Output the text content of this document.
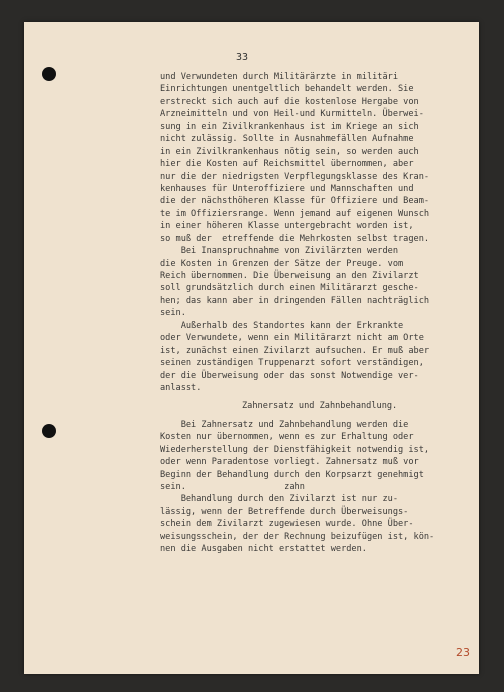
33
23
und Verwundeten durch Militärärzte in militäri
Einrichtungen unentgeltlich behandelt werden. Sie
erstreckt sich auch auf die kostenlose Hergabe von
Arzneimitteln und von Heil-und Kurmitteln. Überwei-
sung in ein Zivilkrankenhaus ist im Kriege an sich
nicht zulässig. Sollte in Ausnahmefällen Aufnahme
in ein Zivilkrankenhaus nötig sein, so werden auch
hier die Kosten auf Reichsmittel übernommen, aber
nur die der niedrigsten Verpflegungsklasse des Kran-
kenhauses für Unteroffiziere und Mannschaften und
die der nächsthöheren Klasse für Offiziere und Beam-
te im Offiziersrange. Wenn jemand auf eigenen Wunsch
in einer höheren Klasse untergebracht worden ist,
so muß der  etreffende die Mehrkosten selbst tragen.
Bei Inanspruchnahme von Zivilärzten werden
die Kosten in Grenzen der Sätze der Preuge. vom
Reich übernommen. Die Überweisung an den Zivilarzt
soll grundsätzlich durch einen Militärarzt gesche-
hen; das kann aber in dringenden Fällen nachträglich
sein.
Außerhalb des Standortes kann der Erkrankte
oder Verwundete, wenn ein Militärarzt nicht am Orte
ist, zunächst einen Zivilarzt aufsuchen. Er muß aber
seinen zuständigen Truppenarzt sofort verständigen,
der die Überweisung oder das sonst Notwendige ver-
anlasst.
Zahnersatz und Zahnbehandlung.
Bei Zahnersatz und Zahnbehandlung werden die
Kosten nur übernommen, wenn es zur Erhaltung oder
Wiederherstellung der Dienstfähigkeit notwendig ist,
oder wenn Paradentose vorliegt. Zahnersatz muß vor
Beginn der Behandlung durch den Korpsarzt genehmigt
sein.                   zahn
Behandlung durch den Zivilarzt ist nur zu-
lässig, wenn der Betreffende durch Überweisungs-
schein dem Zivilarzt zugewiesen wurde. Ohne Über-
weisungsschein, der der Rechnung beizufügen ist, kön-
nen die Ausgaben nicht erstattet werden.
